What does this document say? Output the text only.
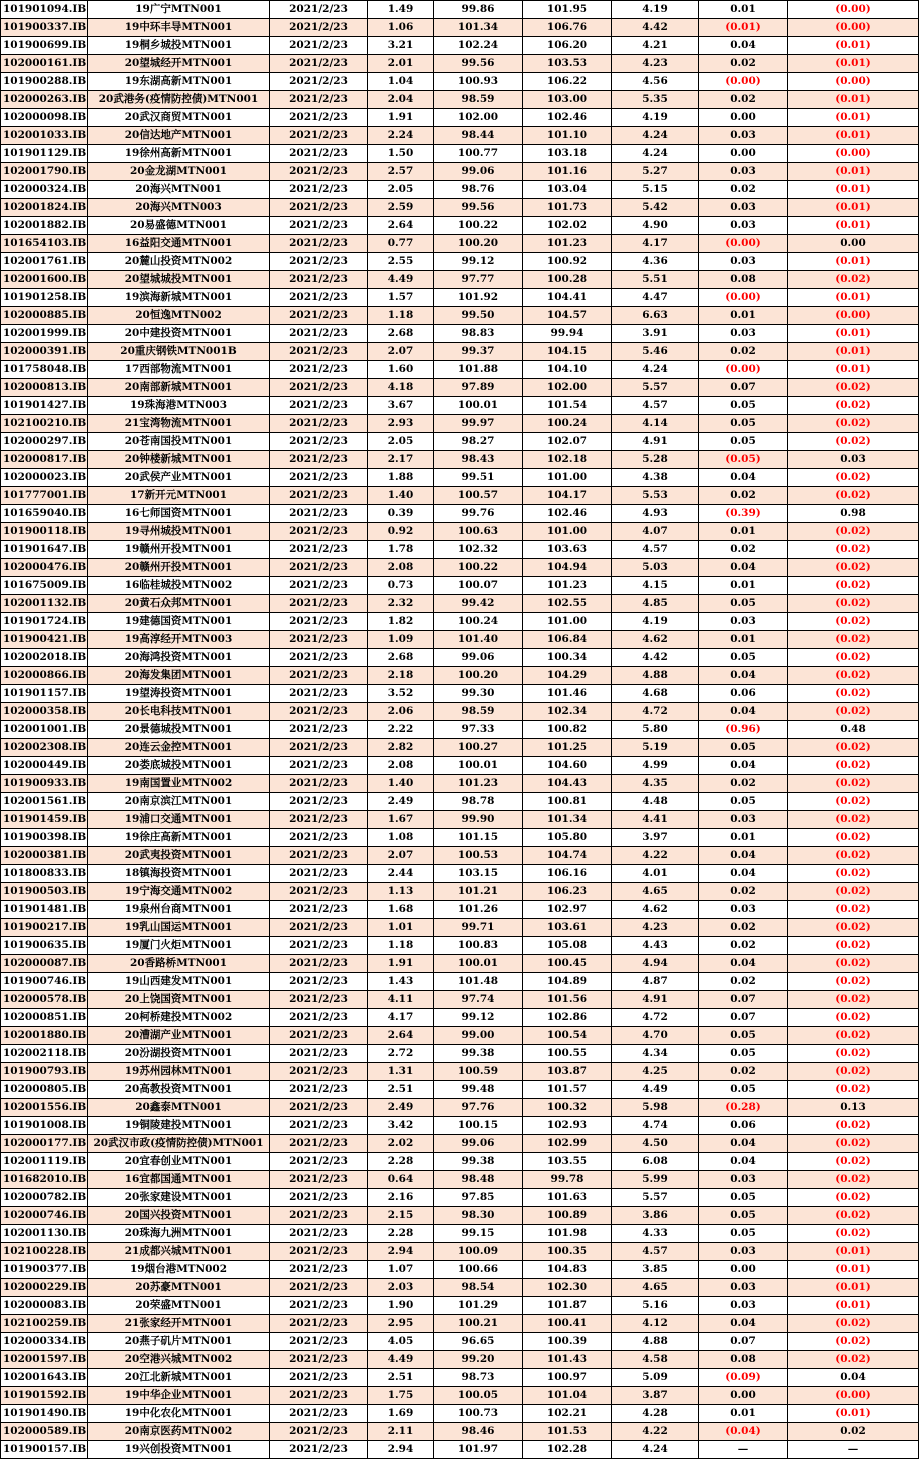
101901094.IB	19广宁MTN001	2021/2/23	1.49	99.86	101.95	4.19	0.01	(0.00)
101900337.IB	19中环丰导MTN001	2021/2/23	1.06	101.34	106.76	4.42	(0.01)	(0.00)
101900699.IB	19桐乡城投MTN001	2021/2/23	3.21	102.24	106.20	4.21	0.04	(0.01)
102000161.IB	20望城经开MTN001	2021/2/23	2.01	99.56	103.53	4.23	0.02	(0.01)
101900288.IB	19东湖高新MTN001	2021/2/23	1.04	100.93	106.22	4.56	(0.00)	(0.00)
102000263.IB	20武港务(疫情防控债)MTN001	2021/2/23	2.04	98.59	103.00	5.35	0.02	(0.01)
102000098.IB	20武汉商贸MTN001	2021/2/23	1.91	102.00	102.46	4.19	0.00	(0.01)
102001033.IB	20信达地产MTN001	2021/2/23	2.24	98.44	101.10	4.24	0.03	(0.01)
101901129.IB	19徐州高新MTN001	2021/2/23	1.50	100.77	103.18	4.24	0.00	(0.00)
102001790.IB	20金龙湖MTN001	2021/2/23	2.57	99.06	101.16	5.27	0.03	(0.01)
102000324.IB	20海兴MTN001	2021/2/23	2.05	98.76	103.04	5.15	0.02	(0.01)
102001824.IB	20海兴MTN003	2021/2/23	2.59	99.56	101.73	5.42	0.03	(0.01)
102001882.IB	20易盛德MTN001	2021/2/23	2.64	100.22	102.02	4.90	0.03	(0.01)
101654103.IB	16益阳交通MTN001	2021/2/23	0.77	100.20	101.23	4.17	(0.00)	0.00
102001761.IB	20麓山投资MTN002	2021/2/23	2.55	99.12	100.92	4.36	0.03	(0.01)
102001600.IB	20望城城投MTN001	2021/2/23	4.49	97.77	100.28	5.51	0.08	(0.02)
101901258.IB	19滨海新城MTN001	2021/2/23	1.57	101.92	104.41	4.47	(0.00)	(0.01)
102000885.IB	20恒逸MTN002	2021/2/23	1.18	99.50	104.57	6.63	0.01	(0.00)
102001999.IB	20中建投资MTN001	2021/2/23	2.68	98.83	99.94	3.91	0.03	(0.01)
102000391.IB	20重庆钢铁MTN001B	2021/2/23	2.07	99.37	104.15	5.46	0.02	(0.01)
101758048.IB	17西部物流MTN001	2021/2/23	1.60	101.88	104.10	4.24	(0.00)	(0.01)
102000813.IB	20南部新城MTN001	2021/2/23	4.18	97.89	102.00	5.57	0.07	(0.02)
101901427.IB	19珠海港MTN003	2021/2/23	3.67	100.01	101.54	4.57	0.05	(0.02)
102100210.IB	21宝湾物流MTN001	2021/2/23	2.93	99.97	100.24	4.14	0.05	(0.02)
102000297.IB	20苍南国投MTN001	2021/2/23	2.05	98.27	102.07	4.91	0.05	(0.02)
102000817.IB	20钟楼新城MTN001	2021/2/23	2.17	98.43	102.18	5.28	(0.05)	0.03
102000023.IB	20武侯产业MTN001	2021/2/23	1.88	99.51	101.00	4.38	0.04	(0.02)
101777001.IB	17新开元MTN001	2021/2/23	1.40	100.57	104.17	5.53	0.02	(0.02)
101659040.IB	16七师国资MTN001	2021/2/23	0.39	99.76	102.46	4.93	(0.39)	0.98
101900118.IB	19寻州城投MTN001	2021/2/23	0.92	100.63	101.00	4.07	0.01	(0.02)
101901647.IB	19赣州开投MTN001	2021/2/23	1.78	102.32	103.63	4.57	0.02	(0.02)
102000476.IB	20赣州开投MTN001	2021/2/23	2.08	100.22	104.94	5.03	0.04	(0.02)
101675009.IB	16临桂城投MTN002	2021/2/23	0.73	100.07	101.23	4.15	0.01	(0.02)
102001132.IB	20黄石众邦MTN001	2021/2/23	2.32	99.42	102.55	4.85	0.05	(0.02)
101901724.IB	19建德国资MTN001	2021/2/23	1.82	100.24	101.00	4.19	0.03	(0.02)
101900421.IB	19高淳经开MTN003	2021/2/23	1.09	101.40	106.84	4.62	0.01	(0.02)
102002018.IB	20海鸿投资MTN001	2021/2/23	2.68	99.06	100.34	4.42	0.05	(0.02)
102000866.IB	20海发集团MTN001	2021/2/23	2.18	100.20	104.29	4.88	0.04	(0.02)
101901157.IB	19望涛投资MTN001	2021/2/23	3.52	99.30	101.46	4.68	0.06	(0.02)
102000358.IB	20长电科技MTN001	2021/2/23	2.06	98.59	102.34	4.72	0.04	(0.02)
102001001.IB	20景德城投MTN001	2021/2/23	2.22	97.33	100.82	5.80	(0.96)	0.48
102002308.IB	20连云金控MTN001	2021/2/23	2.82	100.27	101.25	5.19	0.05	(0.02)
102000449.IB	20娄底城投MTN001	2021/2/23	2.08	100.01	104.60	4.99	0.04	(0.02)
101900933.IB	19南国置业MTN002	2021/2/23	1.40	101.23	104.43	4.35	0.02	(0.02)
102001561.IB	20南京滨江MTN001	2021/2/23	2.49	98.78	100.81	4.48	0.05	(0.02)
101901459.IB	19浦口交通MTN001	2021/2/23	1.67	99.90	101.34	4.41	0.03	(0.02)
101900398.IB	19徐庄高新MTN001	2021/2/23	1.08	101.15	105.80	3.97	0.01	(0.02)
102000381.IB	20武夷投资MTN001	2021/2/23	2.07	100.53	104.74	4.22	0.04	(0.02)
101800833.IB	18镇海投资MTN001	2021/2/23	2.44	103.15	106.16	4.01	0.04	(0.02)
101900503.IB	19宁海交通MTN002	2021/2/23	1.13	101.21	106.23	4.65	0.02	(0.02)
101901481.IB	19泉州台商MTN001	2021/2/23	1.68	101.26	102.97	4.62	0.03	(0.02)
101900217.IB	19乳山国运MTN001	2021/2/23	1.01	99.71	103.61	4.23	0.02	(0.02)
101900635.IB	19厦门火炬MTN001	2021/2/23	1.18	100.83	105.08	4.43	0.02	(0.02)
102000087.IB	20香路桥MTN001	2021/2/23	1.91	100.01	100.45	4.94	0.04	(0.02)
101900746.IB	19山西建发MTN001	2021/2/23	1.43	101.48	104.89	4.87	0.02	(0.02)
102000578.IB	20上饶国资MTN001	2021/2/23	4.11	97.74	101.56	4.91	0.07	(0.02)
102000851.IB	20柯桥建投MTN002	2021/2/23	4.17	99.12	102.86	4.72	0.07	(0.02)
102001880.IB	20漕湖产业MTN001	2021/2/23	2.64	99.00	100.54	4.70	0.05	(0.02)
102002118.IB	20汾湖投资MTN001	2021/2/23	2.72	99.38	100.55	4.34	0.05	(0.02)
101900793.IB	19苏州园林MTN001	2021/2/23	1.31	100.59	103.87	4.25	0.02	(0.02)
102000805.IB	20高教投资MTN001	2021/2/23	2.51	99.48	101.57	4.49	0.05	(0.02)
102001556.IB	20鑫泰MTN001	2021/2/23	2.49	97.76	100.32	5.98	(0.28)	0.13
101901008.IB	19铜陵建投MTN001	2021/2/23	3.42	100.15	102.93	4.74	0.06	(0.02)
102000177.IB	20武汉市政(疫情防控债)MTN001	2021/2/23	2.02	99.06	102.99	4.50	0.04	(0.02)
102001119.IB	20宜春创业MTN001	2021/2/23	2.28	99.38	103.55	6.08	0.04	(0.02)
101682010.IB	16宜都国通MTN001	2021/2/23	0.64	98.48	99.78	5.99	0.03	(0.02)
102000782.IB	20张家建设MTN001	2021/2/23	2.16	97.85	101.63	5.57	0.05	(0.02)
102000746.IB	20国兴投资MTN001	2021/2/23	2.15	98.30	100.89	3.86	0.05	(0.02)
102001130.IB	20珠海九洲MTN001	2021/2/23	2.28	99.15	101.98	4.33	0.05	(0.02)
102100228.IB	21成都兴城MTN001	2021/2/23	2.94	100.09	100.35	4.57	0.03	(0.01)
101900377.IB	19烟台港MTN002	2021/2/23	1.07	100.66	104.83	3.85	0.00	(0.01)
102000229.IB	20苏豪MTN001	2021/2/23	2.03	98.54	102.30	4.65	0.03	(0.01)
102000083.IB	20荣盛MTN001	2021/2/23	1.90	101.29	101.87	5.16	0.03	(0.01)
102100259.IB	21张家经开MTN001	2021/2/23	2.95	100.21	100.41	4.12	0.04	(0.02)
102000334.IB	20燕子矶片MTN001	2021/2/23	4.05	96.65	100.39	4.88	0.07	(0.02)
102001597.IB	20空港兴城MTN002	2021/2/23	4.49	99.20	101.43	4.58	0.08	(0.02)
102001643.IB	20江北新城MTN001	2021/2/23	2.51	98.73	100.97	5.09	(0.09)	0.04
101901592.IB	19中华企业MTN001	2021/2/23	1.75	100.05	101.04	3.87	0.00	(0.00)
101901490.IB	19中化农化MTN001	2021/2/23	1.69	100.73	102.21	4.28	0.01	(0.01)
102000589.IB	20南京医药MTN002	2021/2/23	2.11	98.46	101.53	4.22	(0.04)	0.02
101900157.IB	19兴创投资MTN001	2021/2/23	2.94	101.97	102.28	4.24	—	—
